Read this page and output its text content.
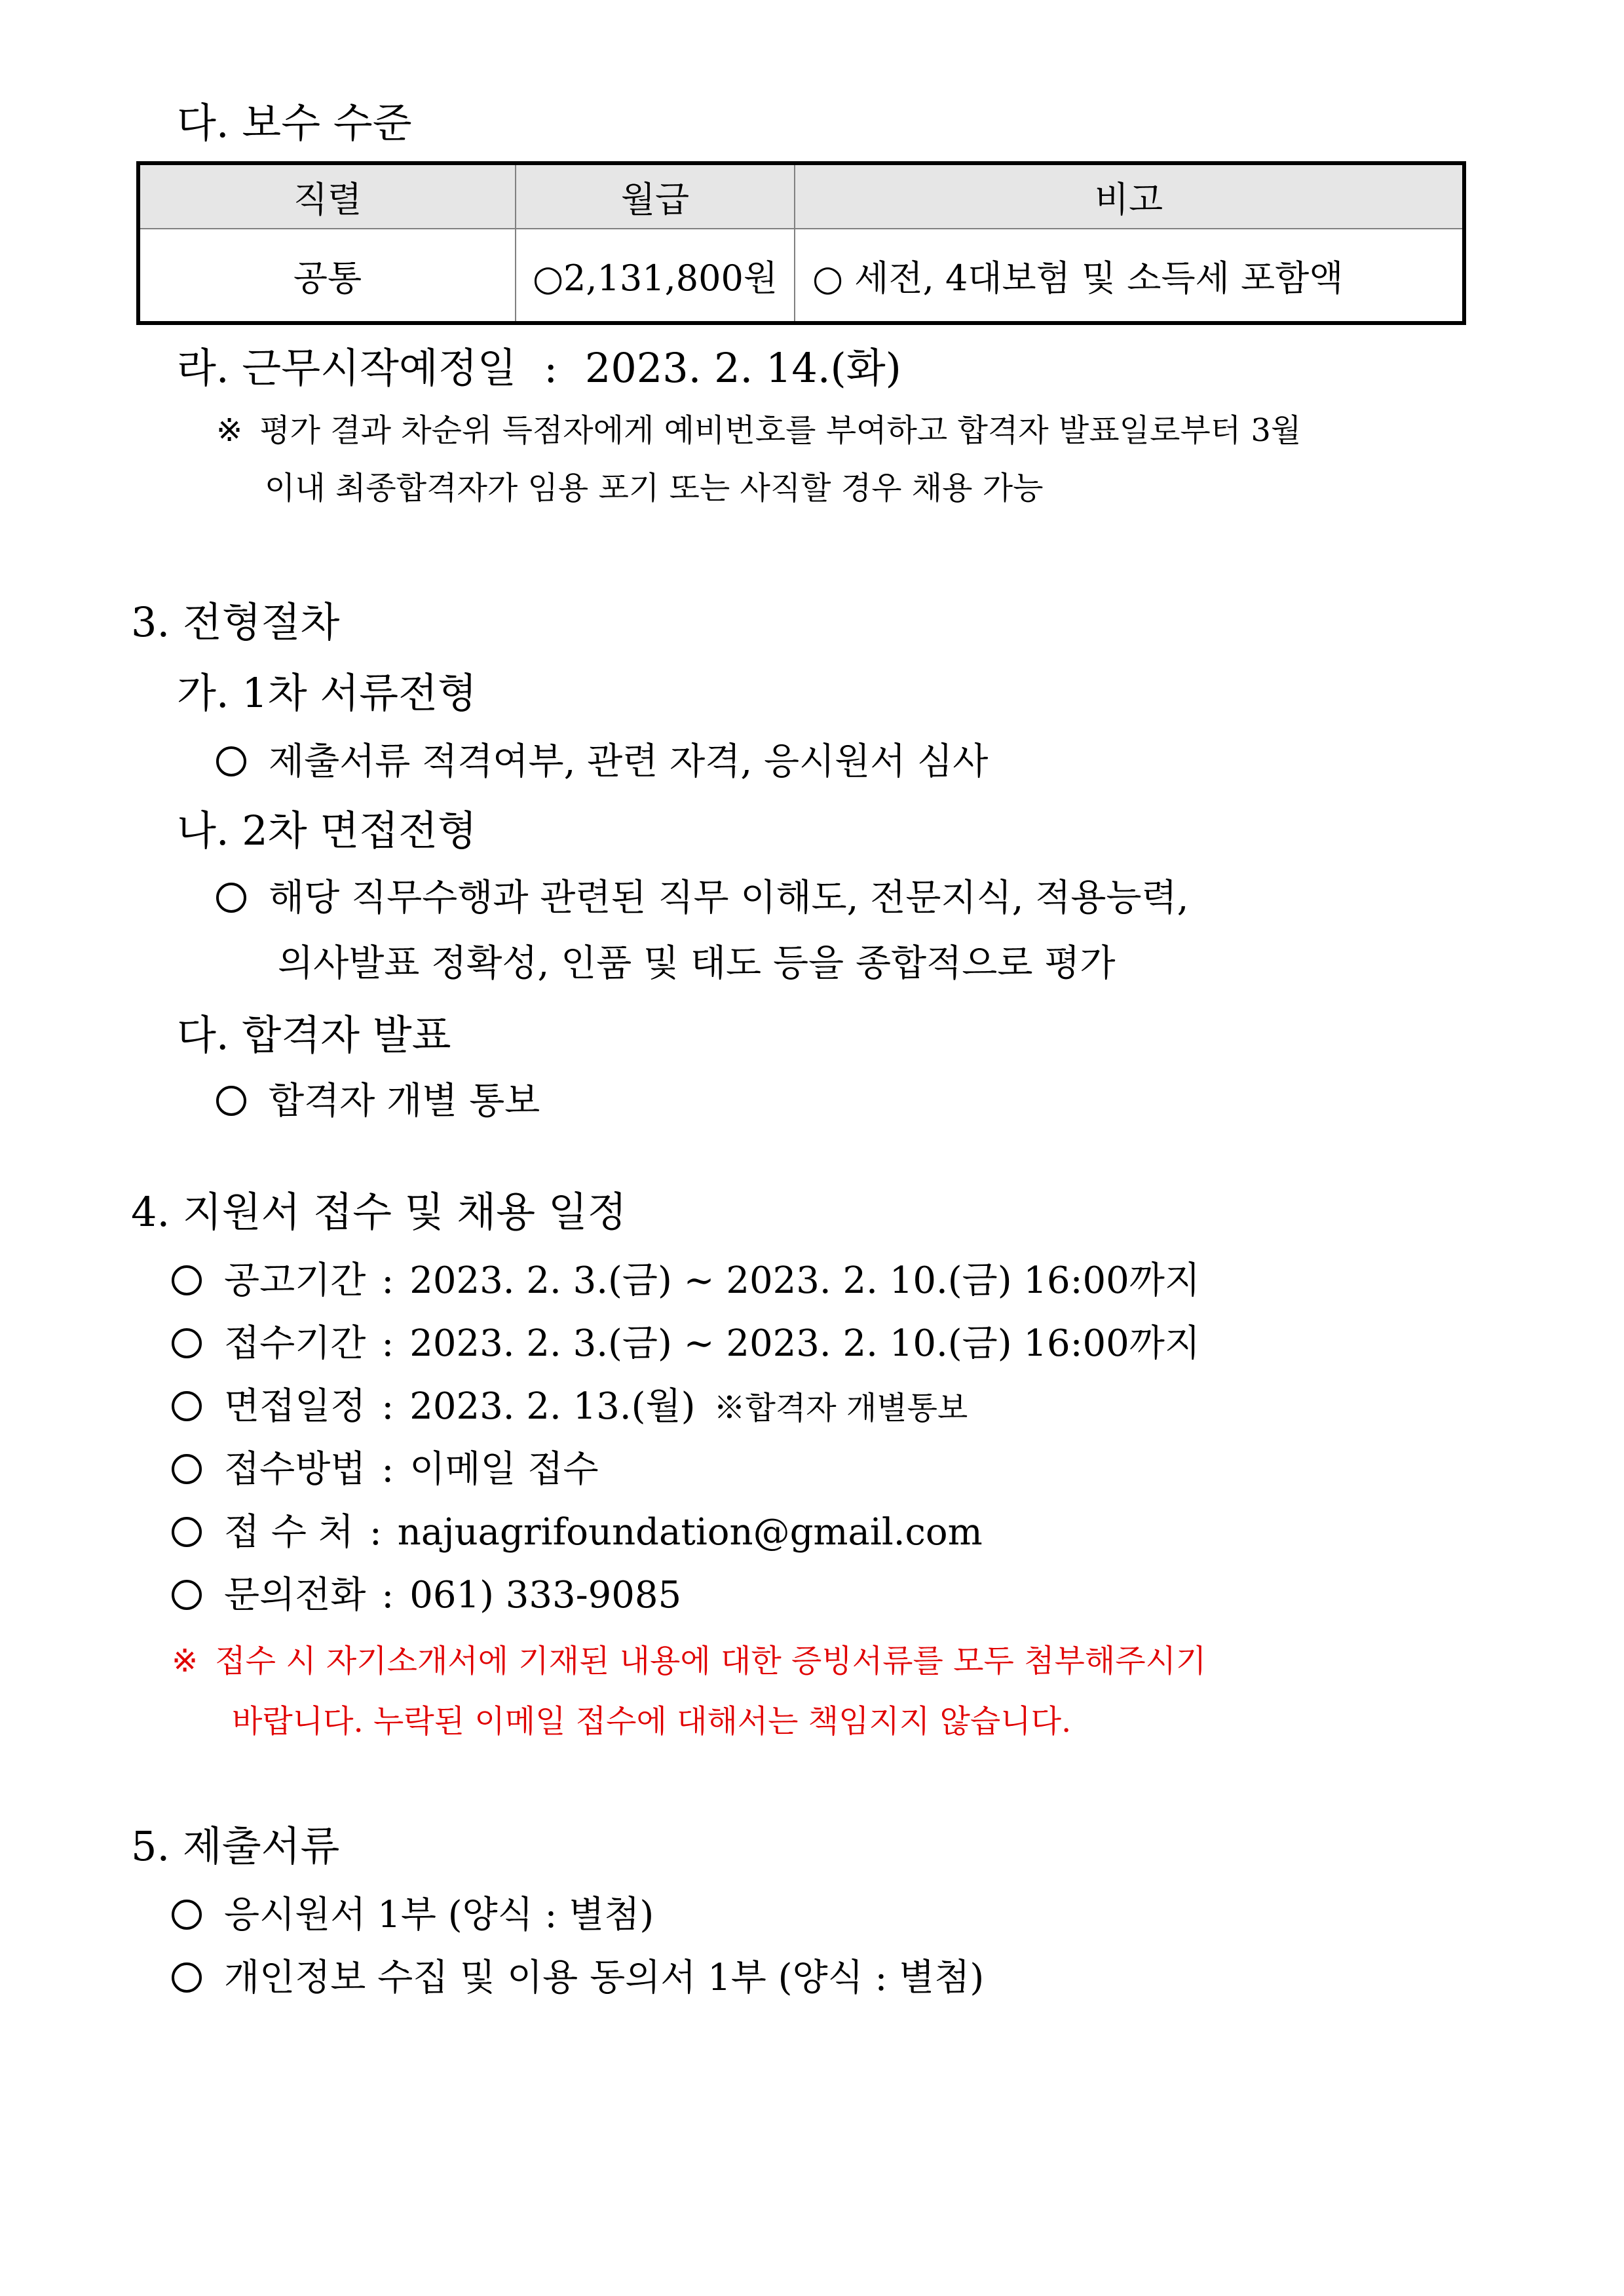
다. 보수 수준
직렬	월급	비고
공통	○2,131,800원	○ 세전, 4대보험 및 소득세 포함액
라. 근무시작예정일 : 2023. 2. 14.(화)
※ 평가 결과 차순위 득점자에게 예비번호를 부여하고 합격자 발표일로부터 3월
이내 최종합격자가 임용 포기 또는 사직할 경우 채용 가능
3. 전형절차
가. 1차 서류전형
제출서류 적격여부, 관련 자격, 응시원서 심사
나. 2차 면접전형
해당 직무수행과 관련된 직무 이해도, 전문지식, 적용능력,
의사발표 정확성, 인품 및 태도 등을 종합적으로 평가
다. 합격자 발표
합격자 개별 통보
4. 지원서 접수 및 채용 일정
공고기간 : 2023. 2. 3.(금) ∼ 2023. 2. 10.(금) 16:00까지
접수기간 : 2023. 2. 3.(금) ∼ 2023. 2. 10.(금) 16:00까지
면접일정 : 2023. 2. 13.(월) ※합격자 개별통보
접수방법 : 이메일 접수
접 수 처 : najuagrifoundation@gmail.com
문의전화 : 061) 333-9085
※ 접수 시 자기소개서에 기재된 내용에 대한 증빙서류를 모두 첨부해주시기
바랍니다. 누락된 이메일 접수에 대해서는 책임지지 않습니다.
5. 제출서류
응시원서 1부 (양식 : 별첨)
개인정보 수집 및 이용 동의서 1부 (양식 : 별첨)
